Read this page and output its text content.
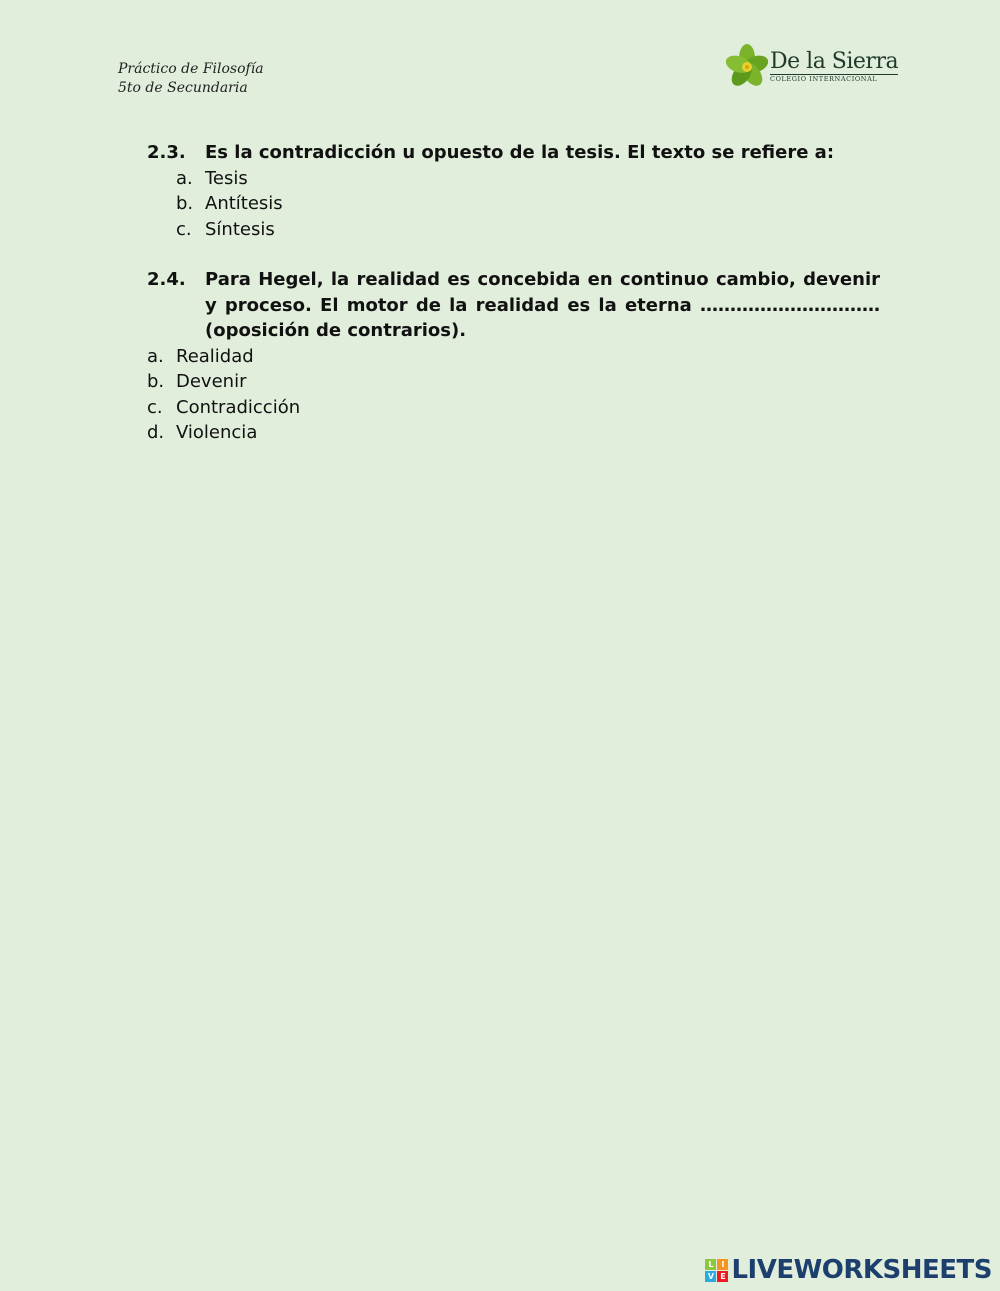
Práctico de Filosofía
5to de Secundaria
De la Sierra
COLEGIO INTERNACIONAL
2.3.	Es la contradicción u opuesto de la tesis. El texto se refiere a:
a. Tesis
b. Antítesis
c. Síntesis
2.4.	Para Hegel, la realidad es concebida en continuo cambio, devenir y proceso. El motor de la realidad es la eterna ………………………… (oposición de contrarios).
a. Realidad
b. Devenir
c. Contradicción
d. Violencia
L I
V E LIVEWORKSHEETS
